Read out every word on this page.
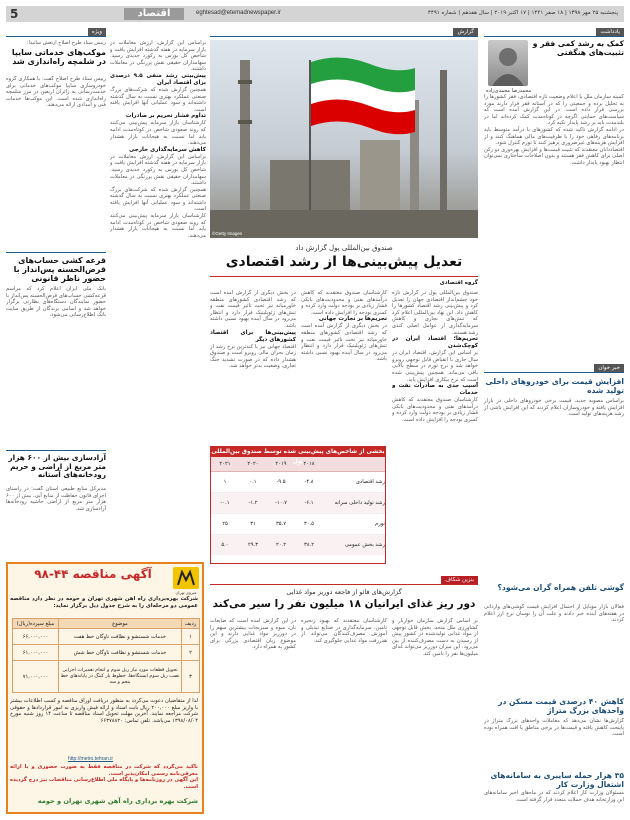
5	اقتصاد	eghtesad@etemadnewspaper.ir	پنجشنبه ۲۵ مهر ۱۳۹۸ | ۱۸ صفر ۱۴۴۱ | ۱۷ اکتبر ۲۰۱۹ | سال هفدهم | شماره ۴۴۹۱
یادداشت
کمک به رشد کمی فقر و تثبیت‌های هنگفتی
محمدرضا محمدی‌زاده

کمیته سازمان ملل با اعلام وضعیت تازه اقتصادی، فقر کشورها را به تحلیل برده و جمعیتی را که در آستانه فقر قرار دارند مورد بررسی قرار داده است. در این گزارش آمده است که سیاست‌های حمایتی اگرچه در کوتاه‌مدت کمک کرده‌اند اما در بلندمدت باید بر رشد پایدار تکیه کرد.

در ادامه گزارش تاکید شده که کشورهای با درآمد متوسط باید برنامه‌های رفاهی خود را با ظرفیت‌های مالی هماهنگ کنند و از افزایش هزینه‌های غیرضروری پرهیز کنند تا تورم کنترل شود.

اقتصاددانان معتقدند که تثبیت قیمت‌ها و افزایش بهره‌وری دو رکن اصلی برای کاهش فقر هستند و بدون اصلاحات ساختاری نمی‌توان انتظار بهبود پایدار داشت.

خبر خوان
افزایش قیمت برای خودروهای داخلی تولید شده
براساس مصوبه جدید، قیمت برخی خودروهای داخلی در بازار افزایش یافته و خودروسازان اعلام کردند که این افزایش ناشی از رشد هزینه‌های تولید است.
گوشی تلفن همراه گران می‌شود؟
فعالان بازار موبایل از احتمال افزایش قیمت گوشی‌های وارداتی در هفته‌های آینده خبر دادند و علت آن را نوسان نرخ ارز اعلام کردند.
کاهش ۴۰ درصدی قیمت مسکن در واحدهای بزرگ متراژ
گزارش‌ها نشان می‌دهد که معاملات واحدهای بزرگ متراژ در پایتخت کاهش یافته و قیمت‌ها در برخی مناطق با افت همراه بوده است.
۳۵ هزار حمله سایبری به سامانه‌های اشتغال وزارت کار
مسئولان وزارت کار اعلام کردند که در ماه‌های اخیر سامانه‌های این وزارتخانه هدف حملات متعدد قرار گرفته است.
گزارش
©Getty Images
صندوق بین‌المللی پول گزارش داد
تعدیل پیش‌بینی‌ها از رشد اقتصادی
گروه اقتصادی

صندوق بین‌المللی پول در گزارش تازه خود چشم‌انداز اقتصادی جهان را تعدیل کرد و پیش‌بینی رشد اقتصاد کشورها را کاهش داد. این نهاد بین‌المللی اعلام کرد که تنش‌های تجاری و کاهش سرمایه‌گذاری از عوامل اصلی کندی رشد هستند.

تحریم‌ها؛ اقتصاد ایران در کوچک‌شدن

بر اساس این گزارش، اقتصاد ایران در سال جاری با انقباض قابل توجهی روبرو خواهد شد و نرخ تورم در سطح بالایی باقی می‌ماند. همچنین پیش‌بینی شده است که نرخ بیکاری افزایش یابد.

آسیب جدی به صادرات نفت و خدمات

کارشناسان صندوق معتقدند که کاهش درآمدهای نفتی و محدودیت‌های بانکی فشار زیادی بر بودجه دولت وارد کرده و کسری بودجه را افزایش داده است.

کارشناسان صندوق معتقدند که کاهش درآمدهای نفتی و محدودیت‌های بانکی فشار زیادی بر بودجه دولت وارد کرده و کسری بودجه را افزایش داده است.

تحریم‌ها بر تجارت جهانی

در بخش دیگری از گزارش آمده است که رشد اقتصادی کشورهای منطقه خاورمیانه نیز تحت تاثیر قیمت نفت و تنش‌های ژئوپلیتیک قرار دارد و انتظار می‌رود در سال آینده بهبود نسبی داشته باشد.

در بخش دیگری از گزارش آمده است که رشد اقتصادی کشورهای منطقه خاورمیانه نیز تحت تاثیر قیمت نفت و تنش‌های ژئوپلیتیک قرار دارد و انتظار می‌رود در سال آینده بهبود نسبی داشته باشد.

پیش‌بینی‌ها برای اقتصاد کشورهای دیگر

اقتصاد جهانی نیز با کندترین نرخ رشد از زمان بحران مالی روبرو است و صندوق هشدار داده که در صورت تشدید جنگ تجاری، وضعیت بدتر خواهد شد.

بخشی از شاخص‌های پیش‌بینی شده توسط صندوق بین‌المللی پول
	۲۰۱۸	۲۰۱۹	۲۰۲۰	۲۰۲۱
رشد اقتصادی	۴.۸-	۹.۵-	۰.۱	۱
رشد تولید داخلی سرانه	۶.۱-	۱۰.۷-	۱.۲-	۰.۱-
تورم	۳۰.۵	۳۵.۷	۳۱	۲۵
رشد بخش عمومی	۳۸.۲	۲۰.۲	۲۹.۳	۵.۰
بنزین شکاف
گزارش‌های فائو از فاجعه دوریز مواد غذایی
دور ریز غذای ایرانیان ۱۸ میلیون نفر را سیر می‌کند
بر اساس گزارش سازمان خواربار و کشاورزی ملل متحد، بخش قابل توجهی از مواد غذایی تولیدشده در کشور پیش از رسیدن به دست مصرف‌کننده از بین می‌رود. این میزان دورریز می‌تواند غذای میلیون‌ها نفر را تامین کند.
کارشناسان معتقدند که بهبود زنجیره تامین، سرمایه‌گذاری در صنایع تبدیلی و آموزش مصرف‌کنندگان می‌تواند از هدررفت مواد غذایی جلوگیری کند.
در این گزارش آمده است که ضایعات نان، میوه و سبزیجات بیشترین سهم را در دورریز مواد غذایی دارند و این موضوع زیان اقتصادی بزرگی برای کشور به همراه دارد.
ویژه
رییس ستاد طرح اصلاح ارتعش ساتیدا:
موکب‌های خدماتی سایپا در شلمچه راه‌اندازی شد
رییس ستاد طرح اصلاح گفت: با همکاری گروه خودروسازی سایپا موکب‌های خدماتی برای خدمت‌رسانی به زائران اربعین در مرز شلمچه راه‌اندازی شده است. این موکب‌ها خدمات فنی و امدادی ارائه می‌دهند.
قرعه کشی حساب‌های قرض‌الحسنه پس‌انداز با حضور ناظر قانونی
بانک ملی ایران اعلام کرد که مراسم قرعه‌کشی حساب‌های قرض‌الحسنه پس‌انداز با حضور نمایندگان دستگاه‌های نظارتی برگزار خواهد شد و اسامی برندگان از طریق سایت بانک اطلاع‌رسانی می‌شود.
آزادسازی بیش از ۶۰۰ هزار متر مربع از اراضی و حریم رودخانه‌های آستانه
مدیرکل منابع طبیعی استان گفت: در راستای اجرای قانون حفاظت از منابع آبی، بیش از ۶۰۰ هزار متر مربع از اراضی حاشیه رودخانه‌ها آزادسازی شد.

براساس این گزارش، ارزش معاملات در بازار سرمایه در هفته گذشته افزایش یافت و شاخص کل بورس به رکورد جدیدی رسید. سهامداران حقیقی نقش پررنگی در معاملات داشتند.

پیش‌بینی رشد منفی ۹.۵ درصدی برای اقتصاد ایران

همچنین گزارش شده که شرکت‌های بزرگ صنعتی عملکرد بهتری نسبت به سال گذشته داشته‌اند و سود عملیاتی آنها افزایش یافته است.

تداوم فشار تحریم بر صادرات

کارشناسان بازار سرمایه پیش‌بینی می‌کنند که روند صعودی شاخص در کوتاه‌مدت ادامه یابد اما نسبت به هیجانات بازار هشدار می‌دهند.

کاهش سرمایه‌گذاری خارجی

براساس این گزارش، ارزش معاملات در بازار سرمایه در هفته گذشته افزایش یافت و شاخص کل بورس به رکورد جدیدی رسید. سهامداران حقیقی نقش پررنگی در معاملات داشتند.

همچنین گزارش شده که شرکت‌های بزرگ صنعتی عملکرد بهتری نسبت به سال گذشته داشته‌اند و سود عملیاتی آنها افزایش یافته است.

کارشناسان بازار سرمایه پیش‌بینی می‌کنند که روند صعودی شاخص در کوتاه‌مدت ادامه یابد اما نسبت به هیجانات بازار هشدار می‌دهند.

متروی تهران
آگهی مناقصه ۴۴-۹۸
شرکت بهره‌برداری راه آهن شهری تهران و حومه در نظر دارد مناقصه عمومی دو مرحله‌ای را به شرح جدول ذیل برگزار نماید:
ردیف	موضوع	مبلغ سپرده(ریال)
۱	خدمات شستشو و نظافت ناوگان خط هفت	۶۶,۰۰۰,۰۰۰
۲	خدمات شستشو و نظافت ناوگان خط شش	۶۱,۰۰۰,۰۰۰
۳	تحویل قطعات مورد نیاز ریل سوم و انجام تعمیرات اجرایی نصب ریل سوم ایستگاه‌ها، خطوط بار کینگ در پایانه‌های خط پنجم و سه	۷۱,۰۰۰,۰۰۰
لذا از متقاضیان دعوت می‌گردد به منظور دریافت اوراق مناقصه و کسب اطلاعات بیشتر با واریز مبلغ ۲۰۰,۰۰۰ ریال بابت اسناد و ارائه فیش واریزی به امور قراردادها و حقوقی شرکت مراجعه نمایند. آخرین مهلت تحویل اسناد مناقصه تا ساعت ۱۴ روز شنبه مورخ ۱۳۹۸/۰۸/۰۴ می‌باشد. تلفن تماس: ۶۶۳۷۸۸۲۰
http://metro.tehran.ir

تاکید می‌گردد که شرکت در مناقصه فقط به صورت حضوری و با ارائه معرفی‌نامه رسمی امکان‌پذیر است.

این آگهی در روزنامه‌ها و پایگاه ملی اطلاع‌رسانی مناقصات نیز درج گردیده است.

شرکت بهره برداری راه آهن شهری تهران و حومه
